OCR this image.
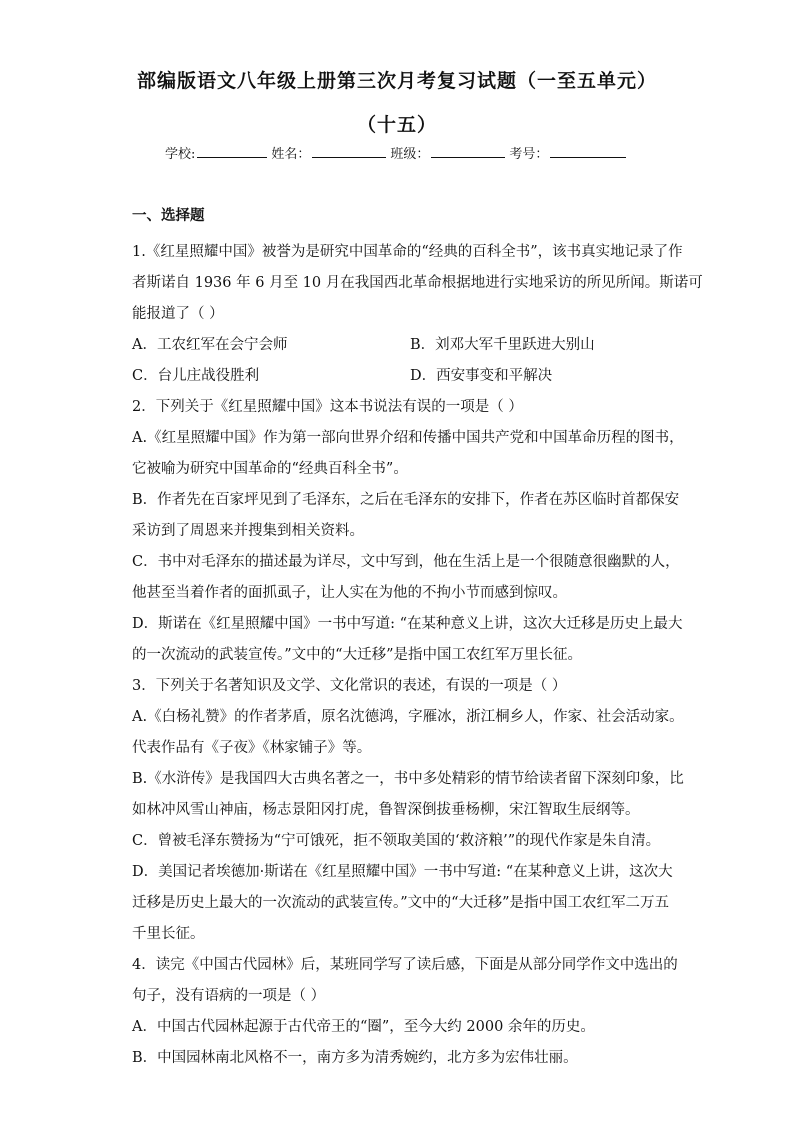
部编版语文八年级上册第三次月考复习试题（一至五单元）
（十五）
学校:	姓名：	班级：	考号：
一、选择题
1.《红星照耀中国》被誉为是研究中国革命的“经典的百科全书”，该书真实地记录了作
者斯诺自 1936 年 6 月至 10 月在我国西北革命根据地进行实地采访的所见所闻。斯诺可
能报道了（ ）
A．工农红军在会宁会师	B．刘邓大军千里跃进大别山
C．台儿庄战役胜利	D．西安事变和平解决
2．下列关于《红星照耀中国》这本书说法有误的一项是（ ）
A.《红星照耀中国》作为第一部向世界介绍和传播中国共产党和中国革命历程的图书，
它被喻为研究中国革命的“经典百科全书”。
B．作者先在百家坪见到了毛泽东，之后在毛泽东的安排下，作者在苏区临时首都保安
采访到了周恩来并搜集到相关资料。
C．书中对毛泽东的描述最为详尽，文中写到，他在生活上是一个很随意很幽默的人，
他甚至当着作者的面抓虱子，让人实在为他的不拘小节而感到惊叹。
D．斯诺在《红星照耀中国》一书中写道: “在某种意义上讲，这次大迁移是历史上最大
的一次流动的武装宣传。”文中的“大迁移”是指中国工农红军万里长征。
3．下列关于名著知识及文学、文化常识的表述，有误的一项是（ ）
A.《白杨礼赞》的作者茅盾，原名沈德鸿，字雁冰，浙江桐乡人，作家、社会活动家。
代表作品有《子夜》《林家铺子》等。
B.《水浒传》是我国四大古典名著之一，书中多处精彩的情节给读者留下深刻印象，比
如林冲风雪山神庙，杨志景阳冈打虎，鲁智深倒拔垂杨柳，宋江智取生辰纲等。
C．曾被毛泽东赞扬为“宁可饿死，拒不领取美国的‘救济粮’”的现代作家是朱自清。
D．美国记者埃德加·斯诺在《红星照耀中国》一书中写道: “在某种意义上讲，这次大
迁移是历史上最大的一次流动的武装宣传。”文中的“大迁移”是指中国工农红军二万五
千里长征。
4．读完《中国古代园林》后，某班同学写了读后感，下面是从部分同学作文中选出的
句子，没有语病的一项是（ ）
A．中国古代园林起源于古代帝王的“圈”，至今大约 2000 余年的历史。
B．中国园林南北风格不一，南方多为清秀婉约，北方多为宏伟壮丽。
